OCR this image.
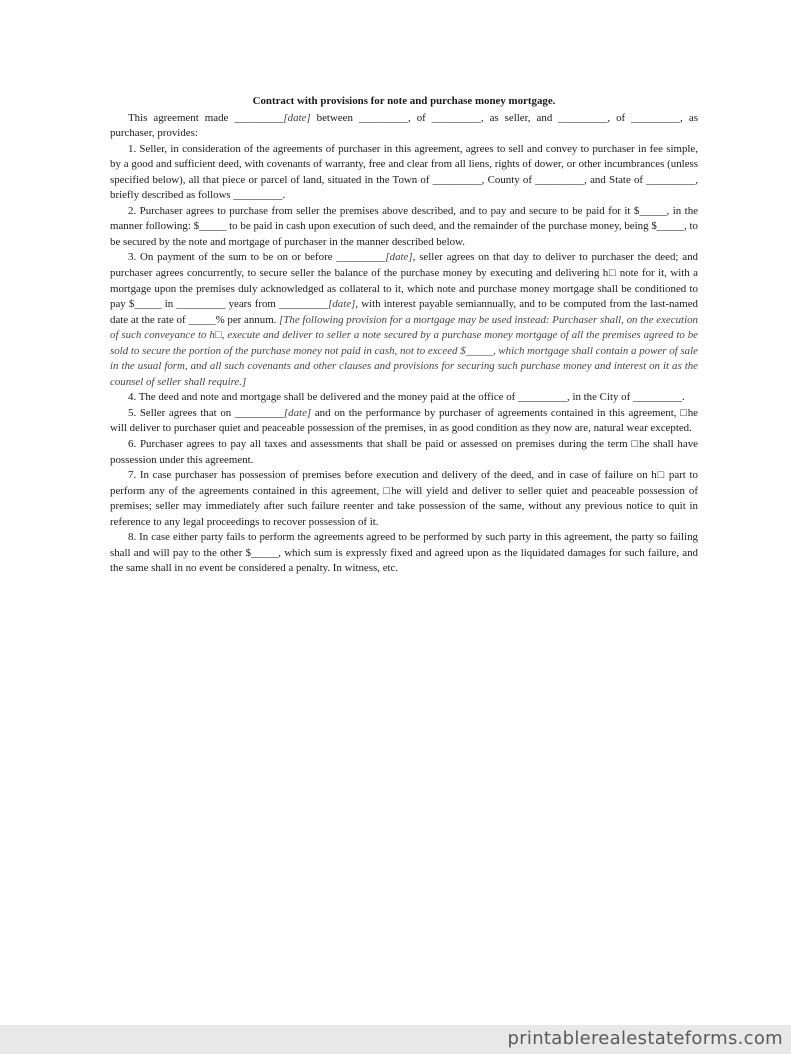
Contract with provisions for note and purchase money mortgage.

This agreement made _________[date] between _________, of _________, as seller, and _________, of _________, as purchaser, provides:

1. Seller, in consideration of the agreements of purchaser in this agreement, agrees to sell and convey to purchaser in fee simple, by a good and sufficient deed, with covenants of warranty, free and clear from all liens, rights of dower, or other incumbrances (unless specified below), all that piece or parcel of land, situated in the Town of _________, County of _________, and State of _________, briefly described as follows _________.

2. Purchaser agrees to purchase from seller the premises above described, and to pay and secure to be paid for it $_____, in the manner following: $_____ to be paid in cash upon execution of such deed, and the remainder of the purchase money, being $_____, to be secured by the note and mortgage of purchaser in the manner described below.

3. On payment of the sum to be on or before _________[date], seller agrees on that day to deliver to purchaser the deed; and purchaser agrees concurrently, to secure seller the balance of the purchase money by executing and delivering h□ note for it, with a mortgage upon the premises duly acknowledged as collateral to it, which note and purchase money mortgage shall be conditioned to pay $_____ in _________ years from _________[date], with interest payable semiannually, and to be computed from the last-named date at the rate of _____% per annum. [The following provision for a mortgage may be used instead: Purchaser shall, on the execution of such conveyance to h□, execute and deliver to seller a note secured by a purchase money mortgage of all the premises agreed to be sold to secure the portion of the purchase money not paid in cash, not to exceed $_____, which mortgage shall contain a power of sale in the usual form, and all such covenants and other clauses and provisions for securing such purchase money and interest on it as the counsel of seller shall require.]

4. The deed and note and mortgage shall be delivered and the money paid at the office of _________, in the City of _________.

5. Seller agrees that on _________[date] and on the performance by purchaser of agreements contained in this agreement, □he will deliver to purchaser quiet and peaceable possession of the premises, in as good condition as they now are, natural wear excepted.

6. Purchaser agrees to pay all taxes and assessments that shall be paid or assessed on premises during the term □he shall have possession under this agreement.

7. In case purchaser has possession of premises before execution and delivery of the deed, and in case of failure on h□ part to perform any of the agreements contained in this agreement, □he will yield and deliver to seller quiet and peaceable possession of premises; seller may immediately after such failure reenter and take possession of the same, without any previous notice to quit in reference to any legal proceedings to recover possession of it.

8. In case either party fails to perform the agreements agreed to be performed by such party in this agreement, the party so failing shall and will pay to the other $_____, which sum is expressly fixed and agreed upon as the liquidated damages for such failure, and the same shall in no event be considered a penalty. In witness, etc.

printablerealestateforms.com
